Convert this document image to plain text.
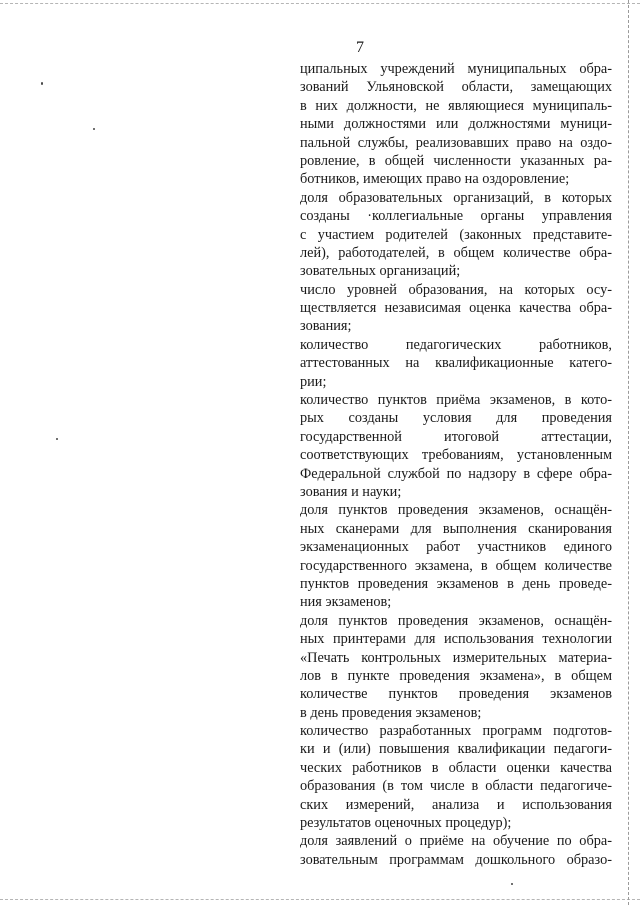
7
ципальных учреждений муниципальных обра-
зований Ульяновской области, замещающих
в них должности, не являющиеся муниципаль-
ными должностями или должностями муници-
пальной службы, реализовавших право на оздо-
ровление, в общей численности указанных ра-
ботников, имеющих право на оздоровление;
доля образовательных организаций, в которых
созданы ·коллегиальные органы управления
с участием родителей (законных представите-
лей), работодателей, в общем количестве обра-
зовательных организаций;
число уровней образования, на которых осу-
ществляется независимая оценка качества обра-
зования;
количество педагогических работников,
аттестованных на квалификационные катего-
рии;
количество пунктов приёма экзаменов, в кото-
рых созданы условия для проведения
государственной итоговой аттестации,
соответствующих требованиям, установленным
Федеральной службой по надзору в сфере обра-
зования и науки;
доля пунктов проведения экзаменов, оснащён-
ных сканерами для выполнения сканирования
экзаменационных работ участников единого
государственного экзамена, в общем количестве
пунктов проведения экзаменов в день проведе-
ния экзаменов;
доля пунктов проведения экзаменов, оснащён-
ных принтерами для использования технологии
«Печать контрольных измерительных материа-
лов в пункте проведения экзамена», в общем
количестве пунктов проведения экзаменов
в день проведения экзаменов;
количество разработанных программ подготов-
ки и (или) повышения квалификации педагоги-
ческих работников в области оценки качества
образования (в том числе в области педагогиче-
ских измерений, анализа и использования
результатов оценочных процедур);
доля заявлений о приёме на обучение по обра-
зовательным программам дошкольного образо-
